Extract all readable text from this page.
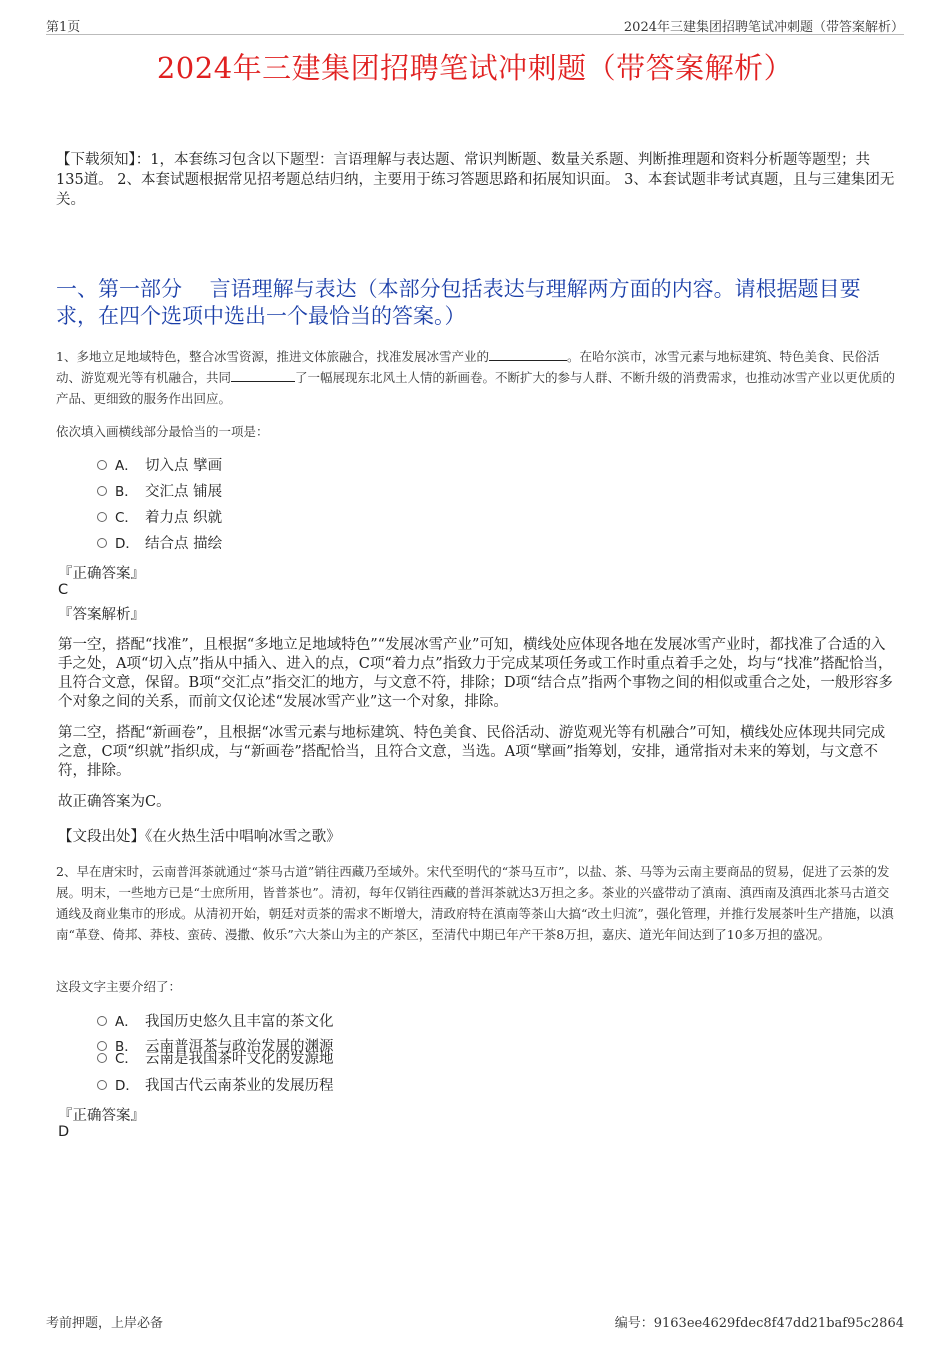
第1页	2024年三建集团招聘笔试冲刺题（带答案解析）
2024年三建集团招聘笔试冲刺题（带答案解析）
【下载须知】：1，本套练习包含以下题型：言语理解与表达题、常识判断题、数量关系题、判断推理题和资料分析题等题型；共135道。 2、本套试题根据常见招考题总结归纳，主要用于练习答题思路和拓展知识面。 3、本套试题非考试真题，且与三建集团无关。
一、第一部分　 言语理解与表达（本部分包括表达与理解两方面的内容。请根据题目要求，在四个选项中选出一个最恰当的答案。）
1、多地立足地域特色，整合冰雪资源，推进文体旅融合，找准发展冰雪产业的	。在哈尔滨市，冰雪元素与地标建筑、特色美食、民俗活动、游览观光等有机融合，共同	了一幅展现东北风土人情的新画卷。不断扩大的参与人群、不断升级的消费需求，也推动冰雪产业以更优质的产品、更细致的服务作出回应。
依次填入画横线部分最恰当的一项是：
A． 切入点 擘画
B． 交汇点 铺展
C． 着力点 织就
D． 结合点 描绘
『正确答案』
C
『答案解析』
第一空，搭配“找准”，且根据“多地立足地域特色”“发展冰雪产业”可知，横线处应体现各地在发展冰雪产业时，都找准了合适的入手之处，A项“切入点”指从中插入、进入的点，C项“着力点”指致力于完成某项任务或工作时重点着手之处，均与“找准”搭配恰当，且符合文意，保留。B项“交汇点”指交汇的地方，与文意不符，排除；D项“结合点”指两个事物之间的相似或重合之处，一般形容多个对象之间的关系，而前文仅论述“发展冰雪产业”这一个对象，排除。
第二空，搭配“新画卷”，且根据“冰雪元素与地标建筑、特色美食、民俗活动、游览观光等有机融合”可知，横线处应体现共同完成之意，C项“织就”指织成，与“新画卷”搭配恰当，且符合文意，当选。A项“擘画”指筹划，安排，通常指对未来的筹划，与文意不符，排除。
故正确答案为C。
【文段出处】《在火热生活中唱响冰雪之歌》
2、早在唐宋时，云南普洱茶就通过“茶马古道”销往西藏乃至域外。宋代至明代的“茶马互市”，以盐、茶、马等为云南主要商品的贸易，促进了云茶的发展。明末，一些地方已是“士庶所用，皆普茶也”。清初，每年仅销往西藏的普洱茶就达3万担之多。茶业的兴盛带动了滇南、滇西南及滇西北茶马古道交通线及商业集市的形成。从清初开始，朝廷对贡茶的需求不断增大，清政府特在滇南等茶山大搞“改土归流”，强化管理，并推行发展茶叶生产措施，以滇南“革登、倚邦、莽枝、蛮砖、漫撒、攸乐”六大茶山为主的产茶区，至清代中期已年产干茶8万担，嘉庆、道光年间达到了10多万担的盛况。
这段文字主要介绍了：
A． 我国历史悠久且丰富的茶文化
B． 云南普洱茶与政治发展的渊源
C． 云南是我国茶叶文化的发源地
D． 我国古代云南茶业的发展历程
『正确答案』
D
考前押题，上岸必备	编号：9163ee4629fdec8f47dd21baf95c2864
